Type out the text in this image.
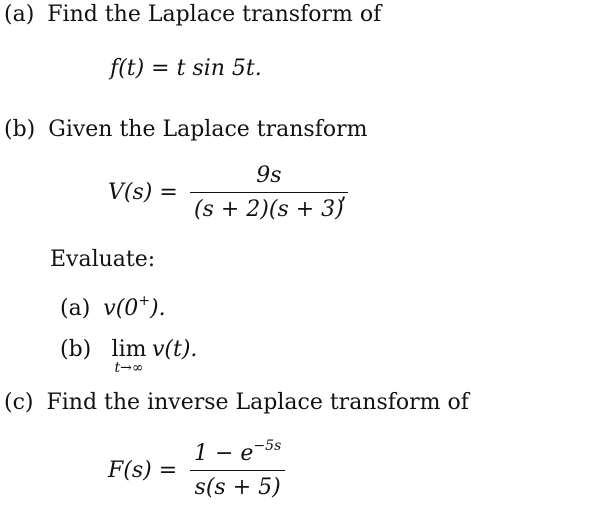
(a) Find the Laplace transform of
f(t) = t sin 5t.
(b) Given the Laplace transform
V(s) =
9s
(s + 2)(s + 3)
,
Evaluate:
(a) v(0+).
(b) lim
t→∞
v(t).
(c) Find the inverse Laplace transform of
F(s) =
$1 - e^{-5s}$
s(s + 5)
